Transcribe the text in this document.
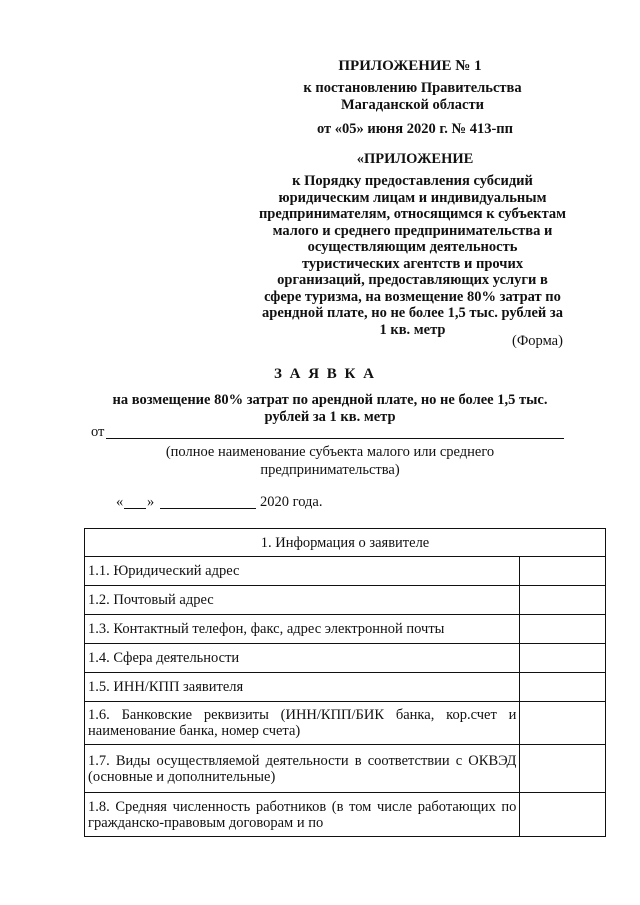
ПРИЛОЖЕНИЕ № 1
к постановлению Правительства
Магаданской области
от «05» июня 2020 г. № 413-пп
«ПРИЛОЖЕНИЕ
к Порядку предоставления субсидий
юридическим лицам и индивидуальным
предпринимателям, относящимся к субъектам
малого и среднего предпринимательства и
осуществляющим деятельность
туристических агентств и прочих
организаций, предоставляющих услуги в
сфере туризма, на возмещение 80% затрат по
арендной плате, но не более 1,5 тыс. рублей за
1 кв. метр
(Форма)
З А Я В К А
на возмещение 80% затрат по арендной плате, но не более 1,5 тыс.
рублей за 1 кв. метр
от
(полное наименование субъекта малого или среднего
предпринимательства)
« »	2020 года.
1. Информация о заявителе	
1.1. Юридический адрес	
1.2. Почтовый адрес	
1.3. Контактный телефон, факс, адрес электронной почты	
1.4. Сфера деятельности	
1.5. ИНН/КПП заявителя	
1.6. Банковские реквизиты (ИНН/КПП/БИК банка, кор.счет и наименование банка, номер счета)	
1.7. Виды осуществляемой деятельности в соответствии с ОКВЭД (основные и дополнительные)	
1.8. Средняя численность работников (в том числе работающих по гражданско-правовым договорам и по	
